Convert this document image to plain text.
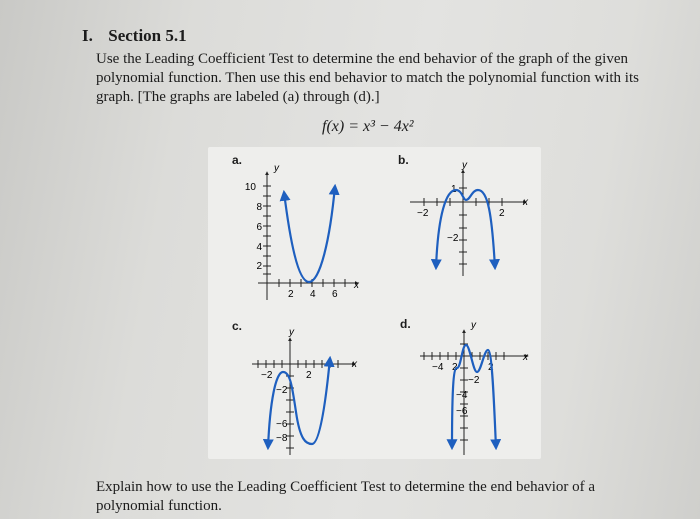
I. Section 5.1
Use the Leading Coefficient Test to determine the end behavior of the graph of the given polynomial function. Then use this end behavior to match the polynomial function with its graph. [The graphs are labeled (a) through (d).]
f(x) = x³ − 4x²
a.	b.
c.	d.
x
y
2 4 6
10
8
6
4
2
x
y
−2	2
1
−2
x
y
−2	2
−2
−6
−8
x
y
−4 2	2
−2
−4
−6
Explain how to use the Leading Coefficient Test to determine the end behavior of a polynomial function.
